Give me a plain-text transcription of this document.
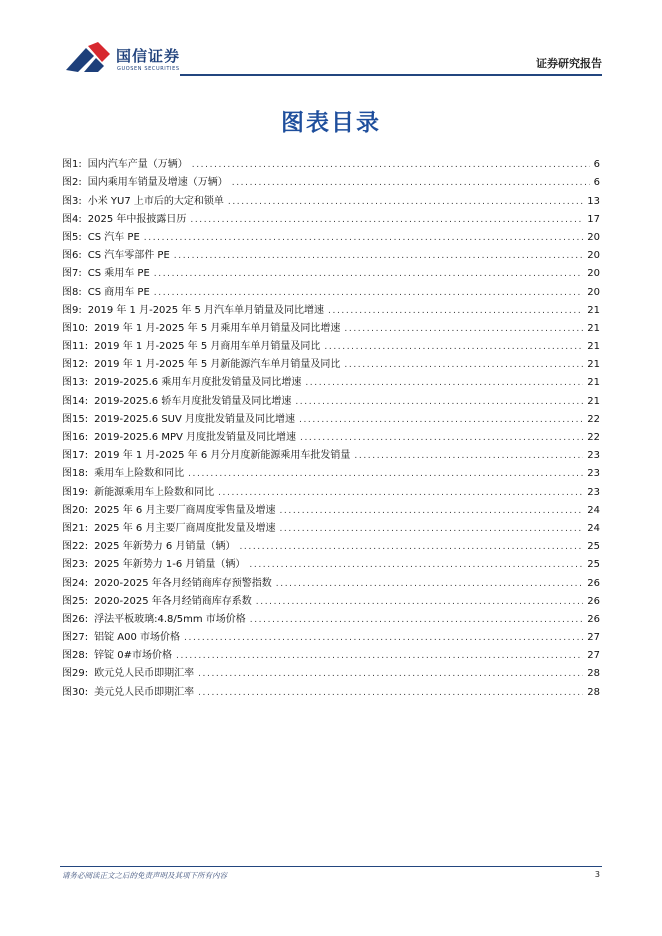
国信证券
GUOSEN SECURITIES	证券研究报告
图表目录
图1: 国内汽车产量（万辆） .....	6
图2: 国内乘用车销量及增速（万辆） .....	6
图3: 小米 YU7 上市后的大定和锁单 .....	13
图4: 2025 年中报披露日历 .....	17
图5: CS 汽车 PE .....	20
图6: CS 汽车零部件 PE .....	20
图7: CS 乘用车 PE .....	20
图8: CS 商用车 PE .....	20
图9: 2019 年 1 月-2025 年 5 月汽车单月销量及同比增速 .....	21
图10: 2019 年 1 月-2025 年 5 月乘用车单月销量及同比增速 .....	21
图11: 2019 年 1 月-2025 年 5 月商用车单月销量及同比 .....	21
图12: 2019 年 1 月-2025 年 5 月新能源汽车单月销量及同比 .....	21
图13: 2019-2025.6 乘用车月度批发销量及同比增速 .....	21
图14: 2019-2025.6 轿车月度批发销量及同比增速 .....	21
图15: 2019-2025.6 SUV 月度批发销量及同比增速 .....	22
图16: 2019-2025.6 MPV 月度批发销量及同比增速 .....	22
图17: 2019 年 1 月-2025 年 6 月分月度新能源乘用车批发销量 .....	23
图18: 乘用车上险数和同比 .....	23
图19: 新能源乘用车上险数和同比 .....	23
图20: 2025 年 6 月主要厂商周度零售量及增速 .....	24
图21: 2025 年 6 月主要厂商周度批发量及增速 .....	24
图22: 2025 年新势力 6 月销量（辆） .....	25
图23: 2025 年新势力 1-6 月销量（辆） .....	25
图24: 2020-2025 年各月经销商库存预警指数 .....	26
图25: 2020-2025 年各月经销商库存系数 .....	26
图26: 浮法平板玻璃:4.8/5mm 市场价格 .....	26
图27: 铝锭 A00 市场价格 .....	27
图28: 锌锭 0#市场价格 .....	27
图29: 欧元兑人民币即期汇率 .....	28
图30: 美元兑人民币即期汇率 .....	28
请务必阅读正文之后的免责声明及其项下所有内容	3
